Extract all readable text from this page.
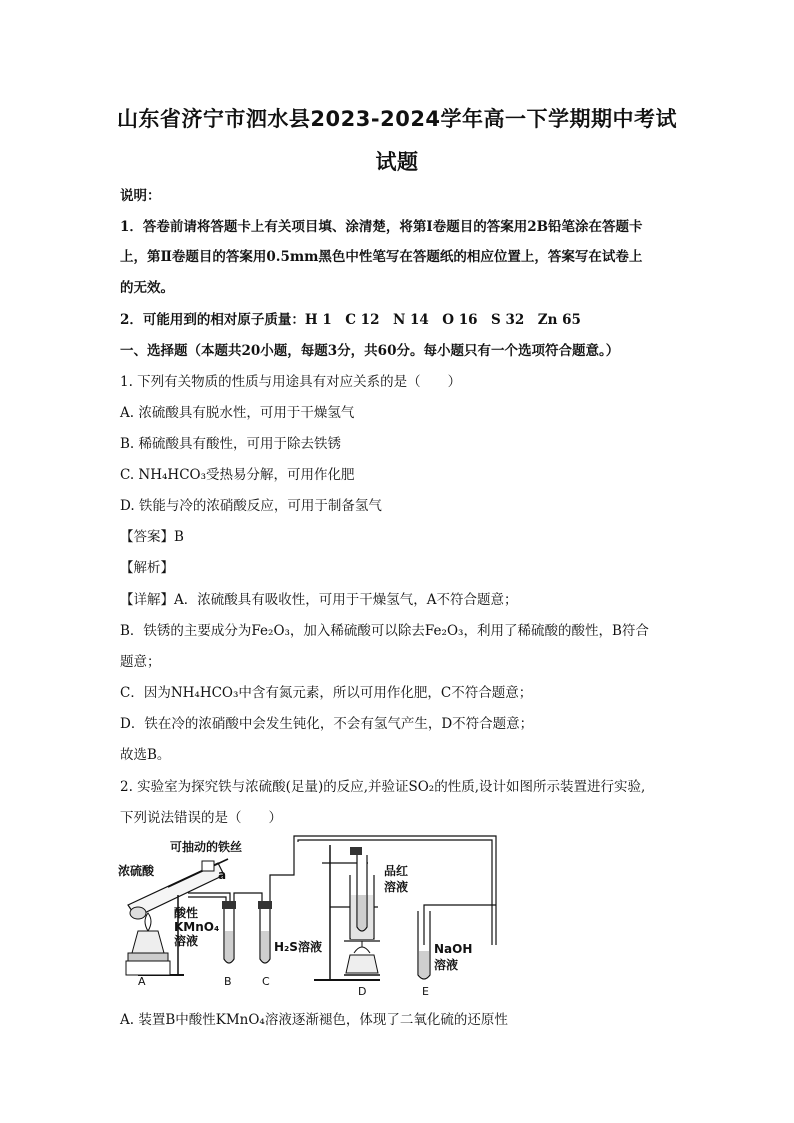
山东省济宁市泗水县2023-2024学年高一下学期期中考试
试题
说明：
1．答卷前请将答题卡上有关项目填、涂清楚，将第Ⅰ卷题目的答案用2B铅笔涂在答题卡
上，第Ⅱ卷题目的答案用0.5mm黑色中性笔写在答题纸的相应位置上，答案写在试卷上
的无效。
2．可能用到的相对原子质量：H 1　C 12　N 14　O 16　S 32　Zn 65
一、选择题（本题共20小题，每题3分，共60分。每小题只有一个选项符合题意。）
1. 下列有关物质的性质与用途具有对应关系的是（　　）
A. 浓硫酸具有脱水性，可用于干燥氢气
B. 稀硫酸具有酸性，可用于除去铁锈
C. NH₄HCO₃受热易分解，可用作化肥
D. 铁能与冷的浓硝酸反应，可用于制备氢气
【答案】B
【解析】
【详解】A．浓硫酸具有吸收性，可用于干燥氢气，A不符合题意；
B．铁锈的主要成分为Fe₂O₃，加入稀硫酸可以除去Fe₂O₃，利用了稀硫酸的酸性，B符合
题意；
C．因为NH₄HCO₃中含有氮元素，所以可用作化肥，C不符合题意；
D．铁在冷的浓硝酸中会发生钝化，不会有氢气产生，D不符合题意；
故选B。
2. 实验室为探究铁与浓硫酸(足量)的反应,并验证SO₂的性质,设计如图所示装置进行实验,
下列说法错误的是（　　）
可抽动的铁丝
浓硫酸	a
酸性
KMnO₄
溶液	H₂S溶液
品红
溶液
NaOH
溶液
A	B	C
D	E
A. 装置B中酸性KMnO₄溶液逐渐褪色，体现了二氧化硫的还原性
